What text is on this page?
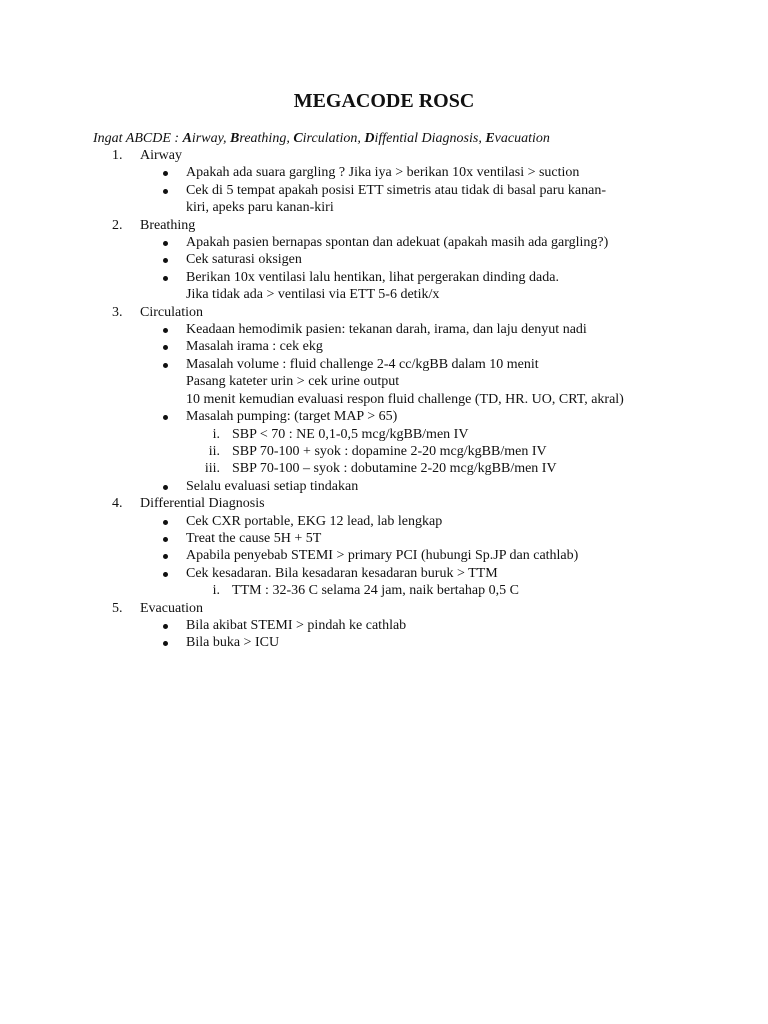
MEGACODE ROSC

Ingat ABCDE : Airway, Breathing, Circulation, Diffential Diagnosis, Evacuation

1.	Airway
Apakah ada suara gargling ? Jika iya > berikan 10x ventilasi > suction
Cek di 5 tempat apakah posisi ETT simetris atau tidak di basal paru kanan-
kiri, apeks paru kanan-kiri
2.	Breathing
Apakah pasien bernapas spontan dan adekuat (apakah masih ada gargling?)
Cek saturasi oksigen
Berikan 10x ventilasi lalu hentikan, lihat pergerakan dinding dada.
Jika tidak ada > ventilasi via ETT 5-6 detik/x
3.	Circulation
Keadaan hemodimik pasien: tekanan darah, irama, dan laju denyut nadi
Masalah irama : cek ekg
Masalah volume : fluid challenge 2-4 cc/kgBB dalam 10 menit
Pasang kateter urin > cek urine output
10 menit kemudian evaluasi respon fluid challenge (TD, HR. UO, CRT, akral)
Masalah pumping: (target MAP > 65)
i. SBP < 70 : NE 0,1-0,5 mcg/kgBB/men IV
ii. SBP 70-100 + syok : dopamine 2-20 mcg/kgBB/men IV
iii. SBP 70-100 – syok : dobutamine 2-20 mcg/kgBB/men IV
Selalu evaluasi setiap tindakan
4.	Differential Diagnosis
Cek CXR portable, EKG 12 lead, lab lengkap
Treat the cause 5H + 5T
Apabila penyebab STEMI > primary PCI (hubungi Sp.JP dan cathlab)
Cek kesadaran. Bila kesadaran kesadaran buruk > TTM
i. TTM : 32-36 C selama 24 jam, naik bertahap 0,5 C
5.	Evacuation
Bila akibat STEMI > pindah ke cathlab
Bila buka > ICU
